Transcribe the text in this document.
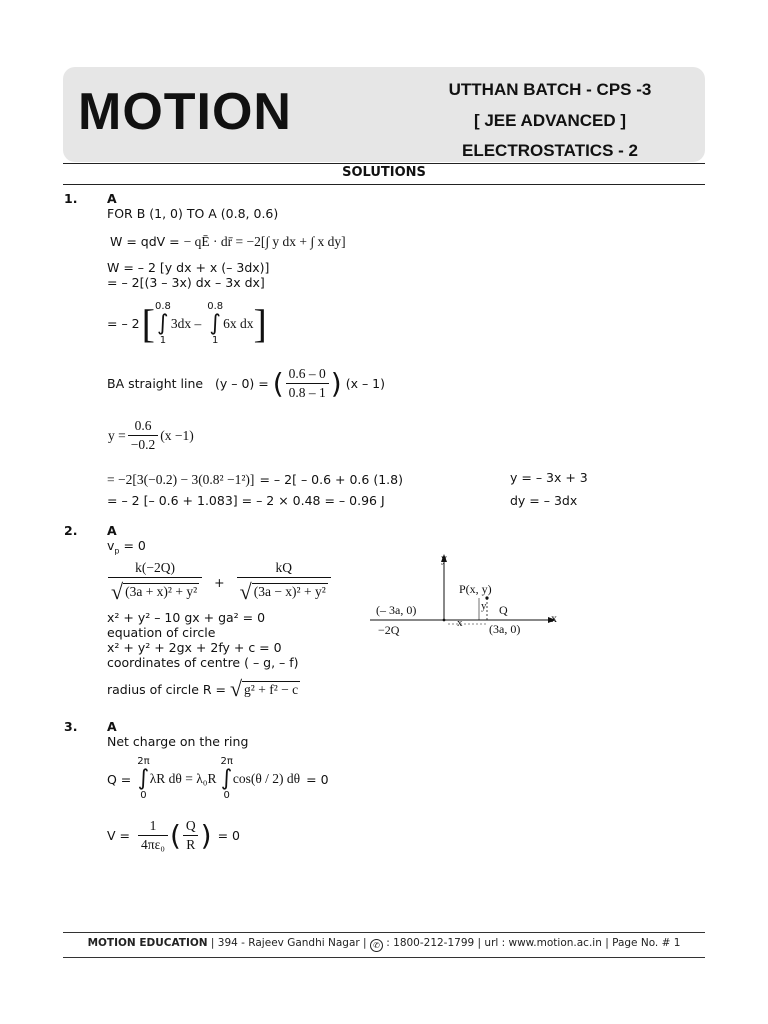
MOTION	UTTHAN BATCH - CPS -3
[ JEE ADVANCED ]
ELECTROSTATICS - 2
SOLUTIONS
1. A
FOR B (1, 0) TO A (0.8, 0.6)
W = qdV = − qĒ · dr̄ = −2[∫ y dx + ∫ x dy]
W = – 2 [y dx + x (– 3dx)]
= – 2[(3 – 3x) dx – 3x dx]
= – 2 [ 0.8
∫
1
3dx –
0.8
∫
1
6x dx ]
BA straight line   (y – 0) = ( $\frac{0.6 - 0}{0.8 - 1}$ ) (x – 1)
$y = \frac{0.6}{-0.2} (x -1)$
= −2[3(−0.2) − 3(0.8² −1²)] = – 2[ – 0.6 + 0.6 (1.8)	y = – 3x + 3
= – 2 [– 0.6 + 1.083] = – 2 × 0.48 = – 0.96 J	dy = – 3dx
2. A
$v_p = 0$
$\frac{k(-2Q)}{\text{√ (3a + x)² + y²}} + \frac{kQ}{\text{√ (3a − x)² + y²}}$
x² + y² – 10 gx + ga² = 0
equation of circle
x² + y² + 2gx + 2fy + c = 0
coordinates of centre ( – g, – f)
radius of circle R = √ g² + f² − c
y
x
P(x, y)
(– 3a, 0)
−2Q
Q
(3a, 0)
x
y
3. A
Net charge on the ring
Q =
2π
∫
0
λR dθ = λ₀R
2π
∫
0
cos(θ / 2) dθ = 0
$V = \frac{1}{\text{4πε₀}}$ ( $\frac{Q}{R}$ ) = 0
MOTION EDUCATION | 394 - Rajeev Gandhi Nagar | ✆ : 1800-212-1799 | url : www.motion.ac.in | Page No. # 1
